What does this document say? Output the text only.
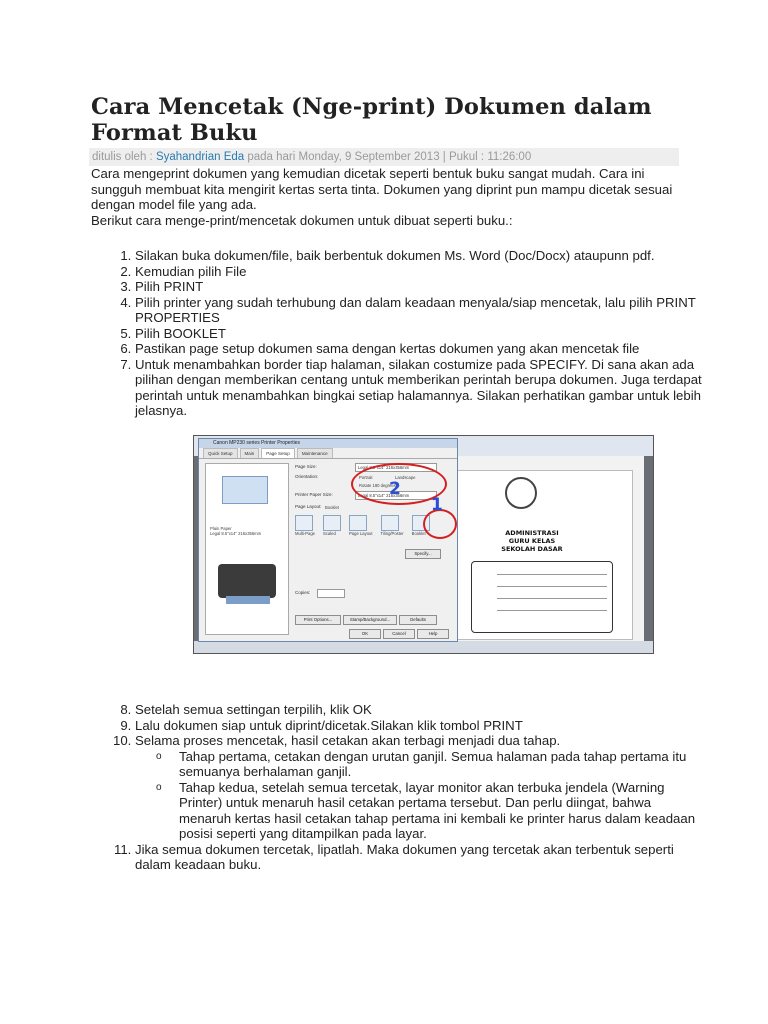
Cara Mencetak (Nge-print) Dokumen dalam Format Buku
ditulis oleh : Syahandrian Eda pada hari Monday, 9 September 2013 | Pukul : 11:26:00

Cara mengeprint dokumen yang kemudian dicetak seperti bentuk buku sangat mudah. Cara ini sungguh membuat kita mengirit kertas serta tinta. Dokumen yang diprint pun mampu dicetak sesuai dengan model file yang ada.

Berikut cara menge-print/mencetak dokumen untuk dibuat seperti buku.:

1. Silakan buka dokumen/file, baik berbentuk dokumen Ms. Word (Doc/Docx) ataupunn pdf.
2. Kemudian pilih File
3. Pilih PRINT
4. Pilih printer yang sudah terhubung dan dalam keadaan menyala/siap mencetak, lalu pilih PRINT PROPERTIES
5. Pilih BOOKLET
6. Pastikan page setup dokumen sama dengan kertas dokumen yang akan mencetak file
7. Untuk menambahkan border tiap halaman, silakan costumize pada SPECIFY. Di sana akan ada pilihan dengan memberikan centang untuk memberikan perintah berupa dokumen. Juga terdapat perintah untuk menambahkan bingkai setiap halamannya. Silakan perhatikan gambar untuk lebih jelasnya.
ADMINISTRASI
GURU KELAS
SEKOLAH DASAR
Canon MP230 series Printer Properties
Quick Setup	Main	Page Setup	Maintenance
Plain Paper
Legal 8.5"x14" 216x356mm
Page Size:	Legal 8.5"x14" 216x356mm
Orientation:	Portrait	Landscape
Rotate 180 degrees
Printer Paper Size:	Legal 8.5"x14" 216x356mm
Page Layout: Booklet
Multi-Page Scaled	Page Layout Tiling/Poster Booklet
2
1
Specify...
Copies:
Print Options...	Stamp/Background...	Defaults
OK	Cancel	Help
8. Setelah semua settingan terpilih, klik OK
9. Lalu dokumen siap untuk diprint/dicetak.Silakan klik tombol PRINT
10. Selama proses mencetak, hasil cetakan akan terbagi menjadi dua tahap.
o Tahap pertama, cetakan dengan urutan ganjil. Semua halaman pada tahap pertama itu semuanya berhalaman ganjil.
o Tahap kedua, setelah semua tercetak, layar monitor akan terbuka jendela (Warning Printer) untuk menaruh hasil cetakan pertama tersebut. Dan perlu diingat, bahwa menaruh kertas hasil cetakan tahap pertama ini kembali ke printer harus dalam keadaan posisi seperti yang ditampilkan pada layar.
11. Jika semua dokumen tercetak, lipatlah. Maka dokumen yang tercetak akan terbentuk seperti dalam keadaan buku.
